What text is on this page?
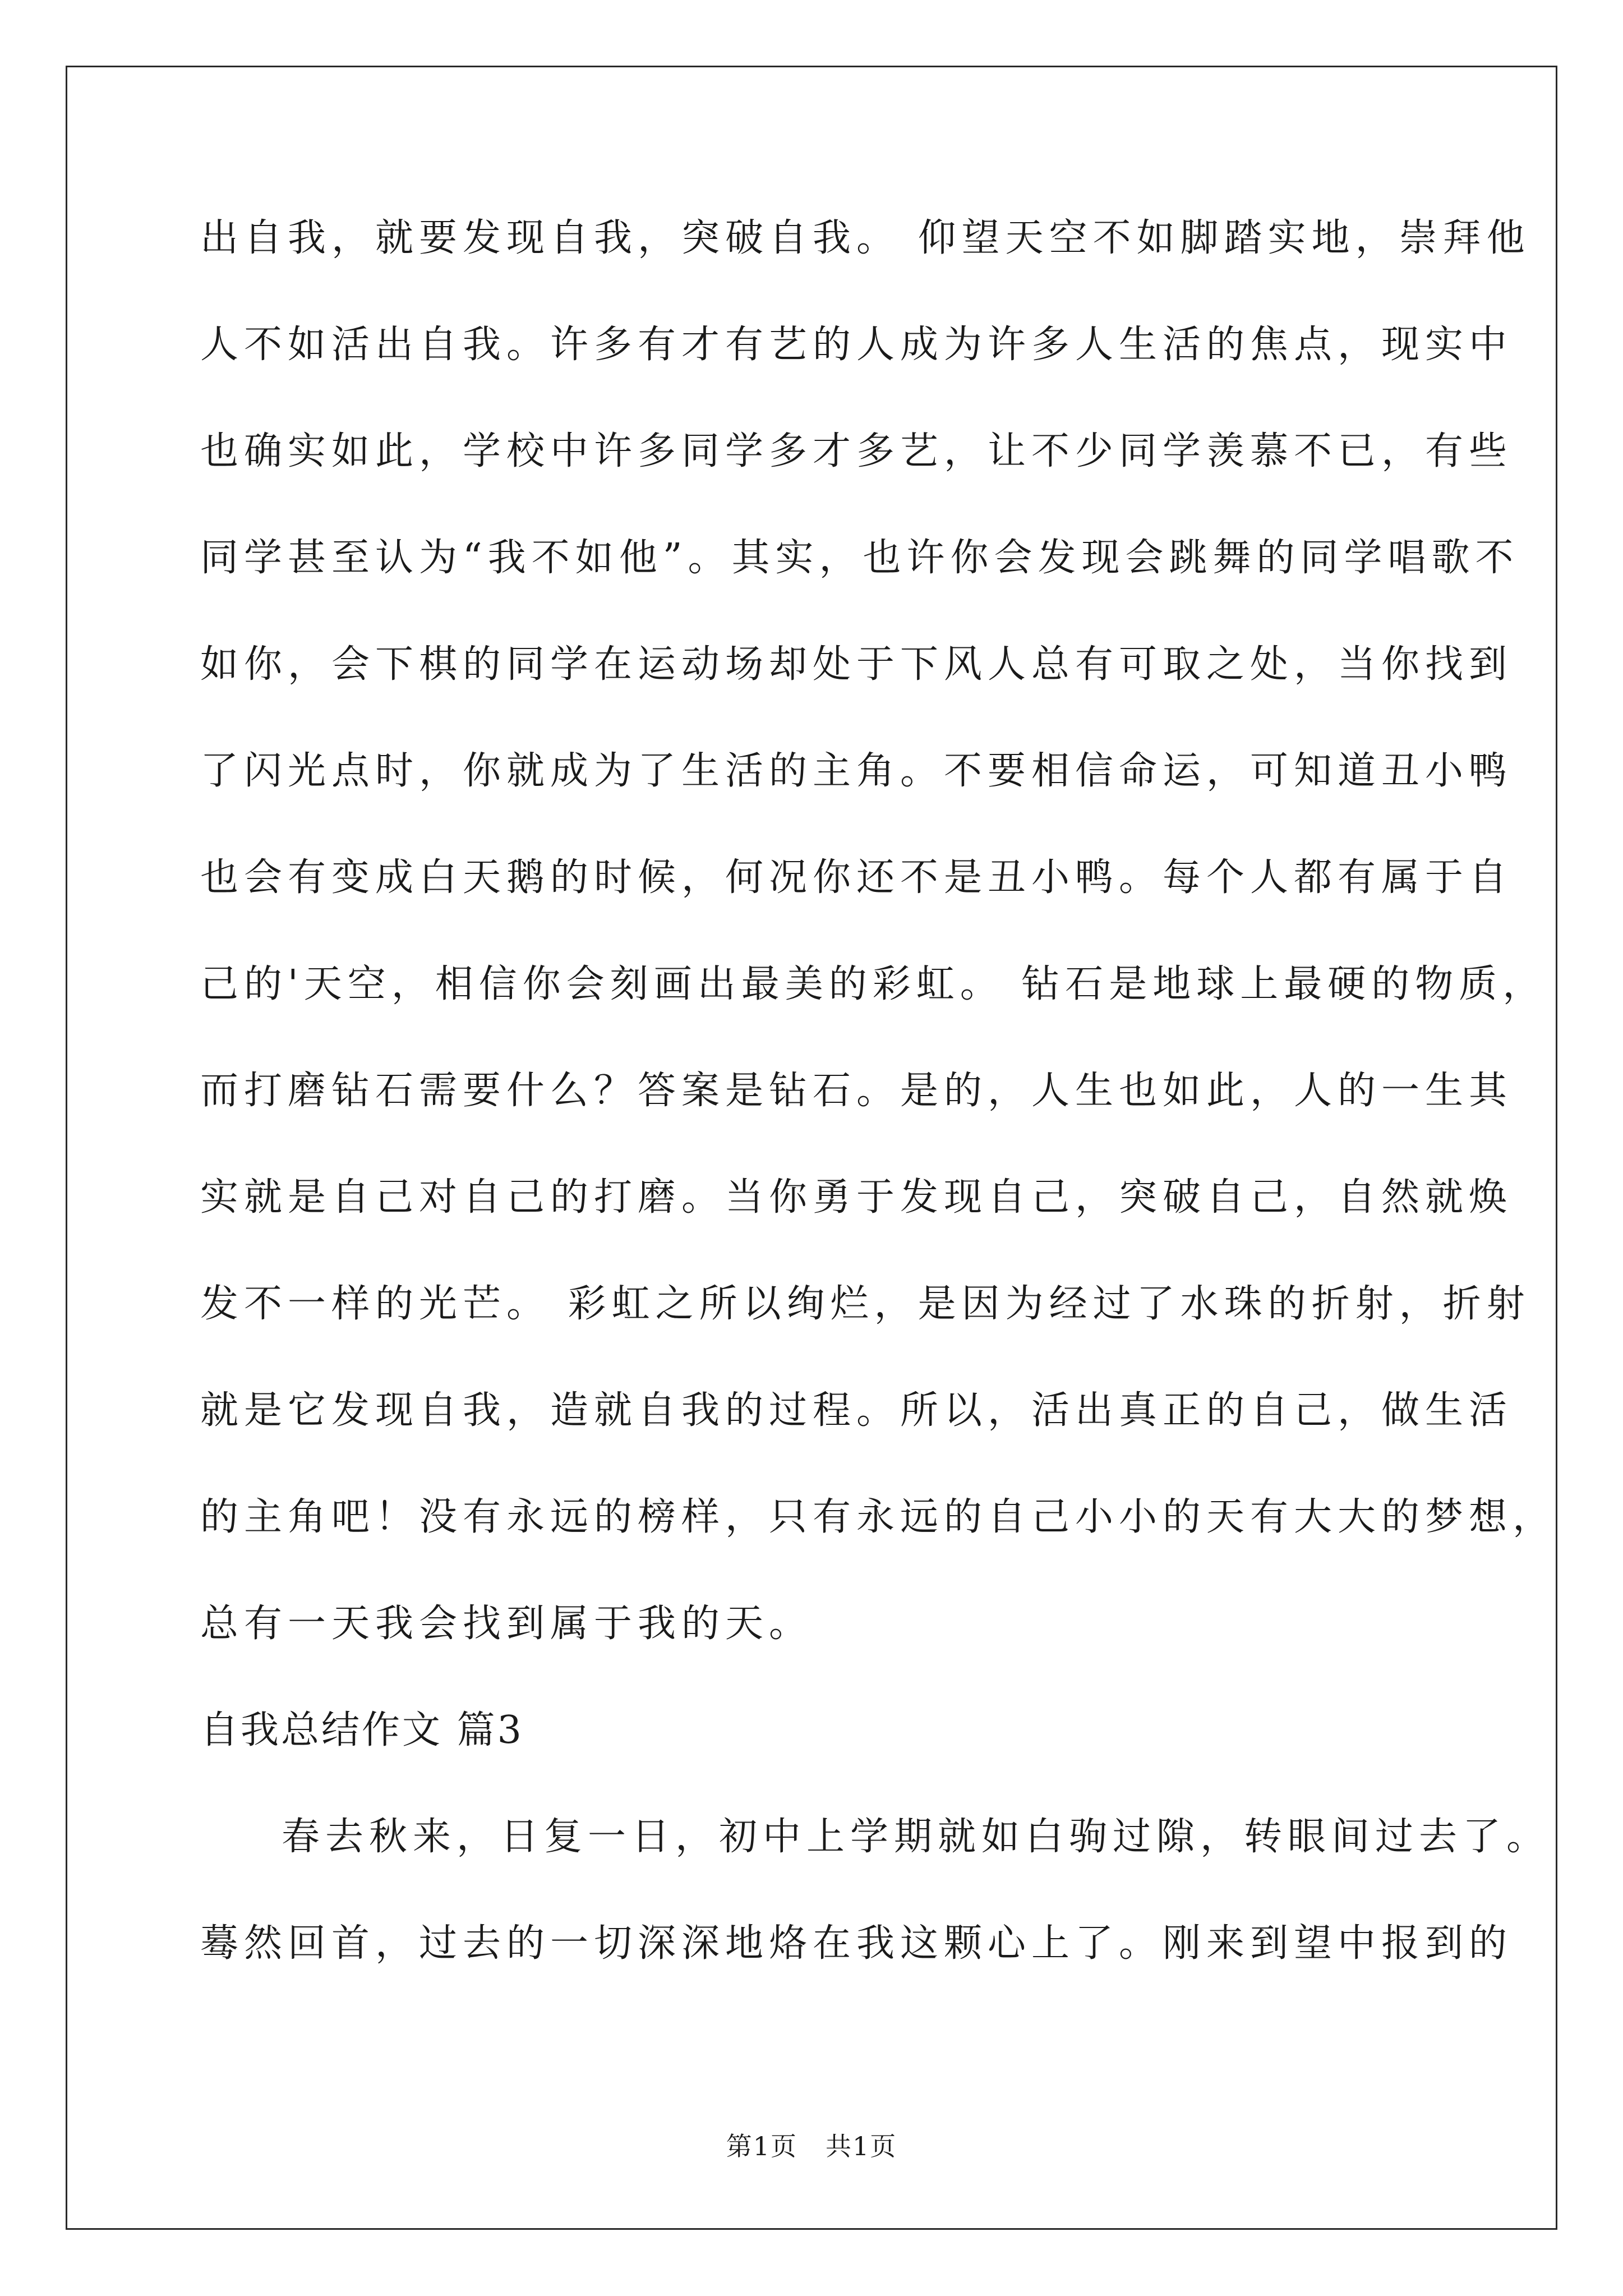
出自我，就要发现自我，突破自我。 仰望天空不如脚踏实地，崇拜他
人不如活出自我。许多有才有艺的人成为许多人生活的焦点，现实中
也确实如此，学校中许多同学多才多艺，让不少同学羡慕不已，有些
同学甚至认为“我不如他”。其实，也许你会发现会跳舞的同学唱歌不
如你，会下棋的同学在运动场却处于下风人总有可取之处，当你找到
了闪光点时，你就成为了生活的主角。不要相信命运，可知道丑小鸭
也会有变成白天鹅的时候，何况你还不是丑小鸭。每个人都有属于自
己的'天空，相信你会刻画出最美的彩虹。 钻石是地球上最硬的物质，
而打磨钻石需要什么？答案是钻石。是的，人生也如此，人的一生其
实就是自己对自己的打磨。当你勇于发现自己，突破自己，自然就焕
发不一样的光芒。 彩虹之所以绚烂，是因为经过了水珠的折射，折射
就是它发现自我，造就自我的过程。所以，活出真正的自己，做生活
的主角吧！没有永远的榜样，只有永远的自己小小的天有大大的梦想，
总有一天我会找到属于我的天。
自我总结作文 篇3
春去秋来，日复一日，初中上学期就如白驹过隙，转眼间过去了。
蓦然回首，过去的一切深深地烙在我这颗心上了。刚来到望中报到的
第1页 共1页
